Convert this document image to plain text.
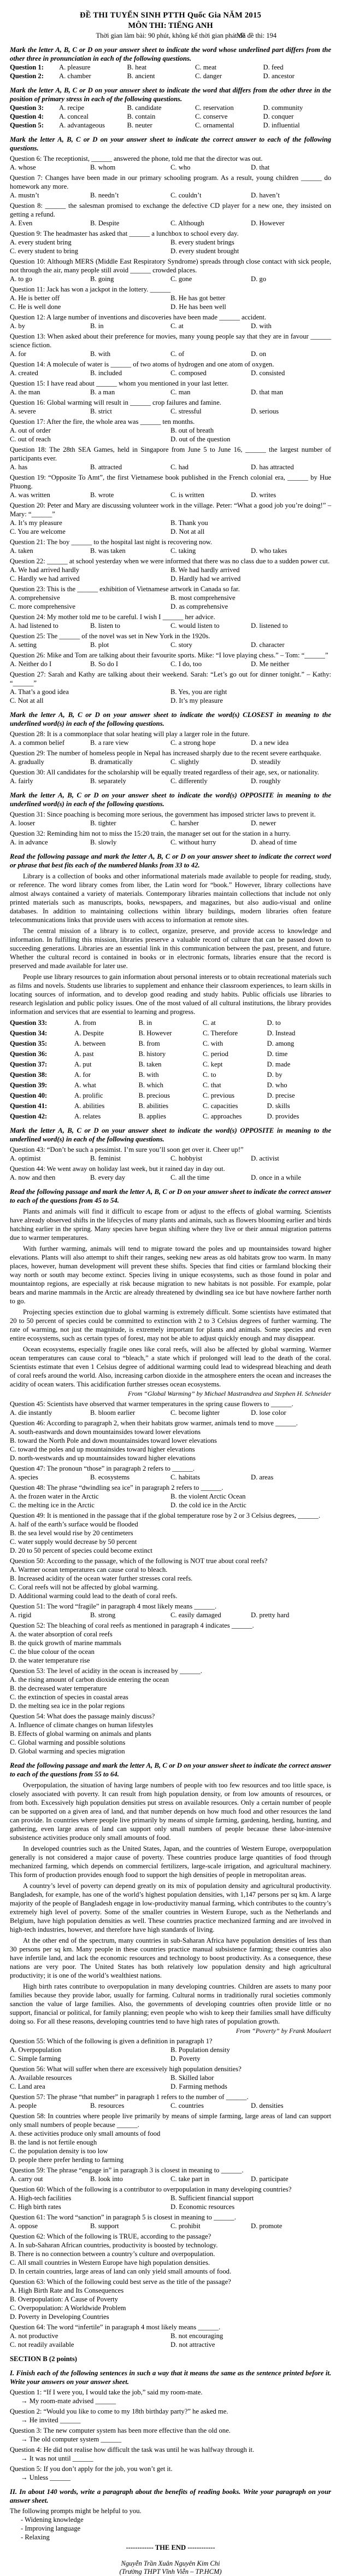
ĐỀ THI TUYỂN SINH PTTH Quốc Gia NĂM 2015
MÔN THI: TIẾNG ANH
Thời gian làm bài: 90 phút, không kể thời gian phát đề
Mã đề thi: 194
Mark the letter A, B, C or D on your answer sheet to indicate the word whose underlined part differs from the other three in pronunciation in each of the following questions.
Question 1:	A. pleasure	B. heat	C. meat	D. feed
Question 2:	A. chamber	B. ancient	C. danger	D. ancestor
Mark the letter A, B, C or D on your answer sheet to indicate the word that differs from the other three in the position of primary stress in each of the following questions.
Question 3:	A. recipe	B. candidate	C. reservation	D. community
Question 4:	A. conceal	B. contain	C. conserve	D. conquer
Question 5:	A. advantageous	B. neuter	C. ornamental	D. influential
Mark the letter A, B, C or D on your answer sheet to indicate the correct answer to each of the following questions.
Question 6: The receptionist, ______ answered the phone, told me that the director was out.
A. whose	B. whom	C. who	D. that
Question 7: Changes have been made in our primary schooling program. As a result, young children ______ do homework any more.
A. mustn’t	B. needn’t	C. couldn’t	D. haven’t
Question 8: ______ the salesman promised to exchange the defective CD player for a new one, they insisted on getting a refund.
A. Even	B. Despite	C. Although	D. However
Question 9: The headmaster has asked that ______ a lunchbox to school every day.
A. every student bring	B. every student brings
C. every student to bring	D. every student brought
Question 10: Although MERS (Middle East Respiratory Syndrome) spreads through close contact with sick people, not through the air, many people still avoid ______ crowded places.
A. to go	B. going	C. gone	D. go
Question 11: Jack has won a jackpot in the lottery. ______
A. He is better off	B. He has got better
C. He is well done	D. He has been well
Question 12: A large number of inventions and discoveries have been made ______ accident.
A. by	B. in	C. at	D. with
Question 13: When asked about their preference for movies, many young people say that they are in favour ______ science fiction.
A. for	B. with	C. of	D. on
Question 14: A molecule of water is ______ of two atoms of hydrogen and one atom of oxygen.
A. created	B. included	C. composed	D. consisted
Question 15: I have read about ______ whom you mentioned in your last letter.
A. the man	B. a man	C. man	D. that man
Question 16: Global warming will result in ______ crop failures and famine.
A. severe	B. strict	C. stressful	D. serious
Question 17: After the fire, the whole area was ______ ten months.
A. out of order	B. out of breath
C. out of reach	D. out of the question
Question 18: The 28th SEA Games, held in Singapore from June 5 to June 16, ______ the largest number of participants ever.
A. has	B. attracted	C. had	D. has attracted
Question 19: “Opposite To Amt”, the first Vietnamese book published in the French colonial era, ______ by Hue Phuong.
A. was written	B. wrote	C. is written	D. writes
Question 20: Peter and Mary are discussing volunteer work in the village. Peter: “What a good job you’re doing!” – Mary: “______”
A. It’s my pleasure	B. Thank you
C. You are welcome	D. Not at all
Question 21: The boy ______ to the hospital last night is recovering now.
A. taken	B. was taken	C. taking	D. who takes
Question 22: ______ at school yesterday when we were informed that there was no class due to a sudden power cut.
A. We had arrived hardly	B. We had hardly arrived
C. Hardly we had arrived	D. Hardly had we arrived
Question 23: This is the ______ exhibition of Vietnamese artwork in Canada so far.
A. comprehensive	B. most comprehensive
C. more comprehensive	D. as comprehensive
Question 24: My mother told me to be careful. I wish I ______ her advice.
A. had listened to	B. listen to	C. would listen to	D. listened to
Question 25: The ______ of the novel was set in New York in the 1920s.
A. setting	B. plot	C. story	D. character
Question 26: Mike and Tom are talking about their favourite sports. Mike: “I love playing chess.” – Tom: “______”
A. Neither do I	B. So do I	C. I do, too	D. Me neither
Question 27: Sarah and Kathy are talking about their weekend. Sarah: “Let’s go out for dinner tonight.” – Kathy: “______”
A. That’s a good idea	B. Yes, you are right
C. Not at all	D. It’s my pleasure
Mark the letter A, B, C or D on your answer sheet to indicate the word(s) CLOSEST in meaning to the underlined word(s) in each of the following questions.
Question 28: It is a commonplace that solar heating will play a larger role in the future.
A. a common belief	B. a rare view	C. a strong hope	D. a new idea
Question 29: The number of homeless people in Nepal has increased sharply due to the recent severe earthquake.
A. gradually	B. dramatically	C. slightly	D. steadily
Question 30: All candidates for the scholarship will be equally treated regardless of their age, sex, or nationality.
A. fairly	B. separately	C. differently	D. roughly
Mark the letter A, B, C or D on your answer sheet to indicate the word(s) OPPOSITE in meaning to the underlined word(s) in each of the following questions.
Question 31: Since poaching is becoming more serious, the government has imposed stricter laws to prevent it.
A. looser	B. tighter	C. harsher	D. newer
Question 32: Reminding him not to miss the 15:20 train, the manager set out for the station in a hurry.
A. in advance	B. slowly	C. without hurry	D. ahead of time
Read the following passage and mark the letter A, B, C or D on your answer sheet to indicate the correct word or phrase that best fits each of the numbered blanks from 33 to 42.
Library is a collection of books and other informational materials made available to people for reading, study, or reference. The word library comes from liber, the Latin word for “book.” However, library collections have almost always contained a variety of materials. Contemporary libraries maintain collections that include not only printed materials such as manuscripts, books, newspapers, and magazines, but also audio-visual and online databases. In addition to maintaining collections within library buildings, modern libraries often feature telecommunications links that provide users with access to information at remote sites.
The central mission of a library is to collect, organize, preserve, and provide access to knowledge and information. In fulfilling this mission, libraries preserve a valuable record of culture that can be passed down to succeeding generations. Libraries are an essential link in this communication between the past, present, and future. Whether the cultural record is contained in books or in electronic formats, libraries ensure that the record is preserved and made available for later use.
People use library resources to gain information about personal interests or to obtain recreational materials such as films and novels. Students use libraries to supplement and enhance their classroom experiences, to learn skills in locating sources of information, and to develop good reading and study habits. Public officials use libraries to research legislation and public policy issues. One of the most valued of all cultural institutions, the library provides information and services that are essential to learning and progress.
Question 33:	A. from	B. in	C. at	D. to
Question 34:	A. Despite	B. However	C. Therefore	D. Instead
Question 35:	A. between	B. from	C. with	D. among
Question 36:	A. past	B. history	C. period	D. time
Question 37:	A. put	B. taken	C. kept	D. made
Question 38:	A. for	B. with	C. to	D. by
Question 39:	A. what	B. which	C. that	D. who
Question 40:	A. prolific	B. precious	C. previous	D. precise
Question 41:	A. abilities	B. abilities	C. capacities	D. skills
Question 42:	A. relates	B. applies	C. approaches	D. provides
Mark the letter A, B, C or D on your answer sheet to indicate the word(s) OPPOSITE in meaning to the underlined word(s) in each of the following questions.
Question 43: “Don’t be such a pessimist. I’m sure you’ll soon get over it. Cheer up!”
A. optimist	B. feminist	C. hobbyist	D. activist
Question 44: We went away on holiday last week, but it rained day in day out.
A. now and then	B. every day	C. all the time	D. once in a while
Read the following passage and mark the letter A, B, C or D on your answer sheet to indicate the correct answer to each of the questions from 45 to 54.
Plants and animals will find it difficult to escape from or adjust to the effects of global warming. Scientists have already observed shifts in the lifecycles of many plants and animals, such as flowers blooming earlier and birds hatching earlier in the spring. Many species have begun shifting where they live or their annual migration patterns due to warmer temperatures.
With further warming, animals will tend to migrate toward the poles and up mountainsides toward higher elevations. Plants will also attempt to shift their ranges, seeking new areas as old habitats grow too warm. In many places, however, human development will prevent these shifts. Species that find cities or farmland blocking their way north or south may become extinct. Species living in unique ecosystems, such as those found in polar and mountaintop regions, are especially at risk because migration to new habitats is not possible. For example, polar bears and marine mammals in the Arctic are already threatened by dwindling sea ice but have nowhere farther north to go.
Projecting species extinction due to global warming is extremely difficult. Some scientists have estimated that 20 to 50 percent of species could be committed to extinction with 2 to 3 Celsius degrees of further warming. The rate of warming, not just the magnitude, is extremely important for plants and animals. Some species and even entire ecosystems, such as certain types of forest, may not be able to adjust quickly enough and may disappear.
Ocean ecosystems, especially fragile ones like coral reefs, will also be affected by global warming. Warmer ocean temperatures can cause coral to “bleach,” a state which if prolonged will lead to the death of the coral. Scientists estimate that even 1 Celsius degree of additional warming could lead to widespread bleaching and death of coral reefs around the world. Also, increasing carbon dioxide in the atmosphere enters the ocean and increases the acidity of ocean waters. This acidification further stresses ocean ecosystems.
From “Global Warming” by Michael Mastrandrea and Stephen H. Schneider
Question 45: Scientists have observed that warmer temperatures in the spring cause flowers to ______.
A. die instantly	B. bloom earlier	C. become lighter	D. lose color
Question 46: According to paragraph 2, when their habitats grow warmer, animals tend to move ______.
A. south-eastwards and down mountainsides toward lower elevations
B. toward the North Pole and down mountainsides toward lower elevations
C. toward the poles and up mountainsides toward higher elevations
D. north-westwards and up mountainsides toward higher elevations
Question 47: The pronoun “those” in paragraph 2 refers to ______.
A. species	B. ecosystems	C. habitats	D. areas
Question 48: The phrase “dwindling sea ice” in paragraph 2 refers to ______.
A. the frozen water in the Arctic	B. the violent Arctic Ocean
C. the melting ice in the Arctic	D. the cold ice in the Arctic
Question 49: It is mentioned in the passage that if the global temperature rose by 2 or 3 Celsius degrees, ______.
A. half of the earth’s surface would be flooded
B. the sea level would rise by 20 centimeters
C. water supply would decrease by 50 percent
D. 20 to 50 percent of species could become extinct
Question 50: According to the passage, which of the following is NOT true about coral reefs?
A. Warmer ocean temperatures can cause coral to bleach.
B. Increased acidity of the ocean water further stresses coral reefs.
C. Coral reefs will not be affected by global warming.
D. Additional warming could lead to the death of coral reefs.
Question 51: The word “fragile” in paragraph 4 most likely means ______.
A. rigid	B. strong	C. easily damaged	D. pretty hard
Question 52: The bleaching of coral reefs as mentioned in paragraph 4 indicates ______.
A. the water absorption of coral reefs
B. the quick growth of marine mammals
C. the blue colour of the ocean
D. the water temperature rise
Question 53: The level of acidity in the ocean is increased by ______.
A. the rising amount of carbon dioxide entering the ocean
B. the decreased water temperature
C. the extinction of species in coastal areas
D. the melting sea ice in the polar regions
Question 54: What does the passage mainly discuss?
A. Influence of climate changes on human lifestyles
B. Effects of global warming on animals and plants
C. Global warming and possible solutions
D. Global warming and species migration
Read the following passage and mark the letter A, B, C or D on your answer sheet to indicate the correct answer to each of the questions from 55 to 64.
Overpopulation, the situation of having large numbers of people with too few resources and too little space, is closely associated with poverty. It can result from high population density, or from low amounts of resources, or from both. Excessively high population densities put stress on available resources. Only a certain number of people can be supported on a given area of land, and that number depends on how much food and other resources the land can provide. In countries where people live primarily by means of simple farming, gardening, herding, hunting, and gathering, even large areas of land can support only small numbers of people because these labor-intensive subsistence activities produce only small amounts of food.
In developed countries such as the United States, Japan, and the countries of Western Europe, overpopulation generally is not considered a major cause of poverty. These countries produce large quantities of food through mechanized farming, which depends on commercial fertilizers, large-scale irrigation, and agricultural machinery. This form of production provides enough food to support the high densities of people in metropolitan areas.
A country’s level of poverty can depend greatly on its mix of population density and agricultural productivity. Bangladesh, for example, has one of the world’s highest population densities, with 1,147 persons per sq km. A large majority of the people of Bangladesh engage in low-productivity manual farming, which contributes to the country’s extremely high level of poverty. Some of the smaller countries in Western Europe, such as the Netherlands and Belgium, have high population densities as well. These countries practice mechanized farming and are involved in high-tech industries, however, and therefore have high standards of living.
At the other end of the spectrum, many countries in sub-Saharan Africa have population densities of less than 30 persons per sq km. Many people in these countries practice manual subsistence farming; these countries also have infertile land, and lack the economic resources and technology to boost productivity. As a consequence, these nations are very poor. The United States has both relatively low population density and high agricultural productivity; it is one of the world’s wealthiest nations.
High birth rates contribute to overpopulation in many developing countries. Children are assets to many poor families because they provide labor, usually for farming. Cultural norms in traditionally rural societies commonly sanction the value of large families. Also, the governments of developing countries often provide little or no support, financial or political, for family planning; even people who wish to keep their families small have difficulty doing so. For all these reasons, developing countries tend to have high rates of population growth.
From “Poverty” by Frank Moulaert
Question 55: Which of the following is given a definition in paragraph 1?
A. Overpopulation	B. Population density
C. Simple farming	D. Poverty
Question 56: What will suffer when there are excessively high population densities?
A. Available resources	B. Skilled labor
C. Land area	D. Farming methods
Question 57: The phrase “that number” in paragraph 1 refers to the number of ______.
A. people	B. resources	C. countries	D. densities
Question 58: In countries where people live primarily by means of simple farming, large areas of land can support only small numbers of people because ______.
A. these activities produce only small amounts of food
B. the land is not fertile enough
C. the population density is too low
D. people there prefer herding to farming
Question 59: The phrase “engage in” in paragraph 3 is closest in meaning to ______.
A. carry out	B. look into	C. take part in	D. participate
Question 60: Which of the following is a contributor to overpopulation in many developing countries?
A. High-tech facilities	B. Sufficient financial support
C. High birth rates	D. Economic resources
Question 61: The word “sanction” in paragraph 5 is closest in meaning to ______.
A. oppose	B. support	C. prohibit	D. promote
Question 62: Which of the following is TRUE, according to the passage?
A. In sub-Saharan African countries, productivity is boosted by technology.
B. There is no connection between a country’s culture and overpopulation.
C. All small countries in Western Europe have high population densities.
D. In certain countries, large areas of land can only yield small amounts of food.
Question 63: Which of the following could best serve as the title of the passage?
A. High Birth Rate and Its Consequences
B. Overpopulation: A Cause of Poverty
C. Overpopulation: A Worldwide Problem
D. Poverty in Developing Countries
Question 64: The word “infertile” in paragraph 4 most likely means ______.
A. not productive	B. not encouraging
C. not readily available	D. not attractive
SECTION B (2 points)
I. Finish each of the following sentences in such a way that it means the same as the sentence printed before it. Write your answers on your answer sheet.
Question 1: “If I were you, I would take the job,” said my room-mate.
→ My room-mate advised ______
Question 2: “Would you like to come to my 18th birthday party?” he asked me.
→ He invited ______
Question 3: The new computer system has been more effective than the old one.
→ The old computer system ______
Question 4: He did not realise how difficult the task was until he was halfway through it.
→ It was not until ______
Question 5: If you don’t apply for the job, you won’t get it.
→ Unless ______
II. In about 140 words, write a paragraph about the benefits of reading books. Write your paragraph on your answer sheet.
The following prompts might be helpful to you.
- Widening knowledge
- Improving language
- Relaxing
------------ THE END ------------
Nguyễn Trần Xuân Nguyên Kim Chi
(Trường THPT Vĩnh Viễn – TP.HCM)
